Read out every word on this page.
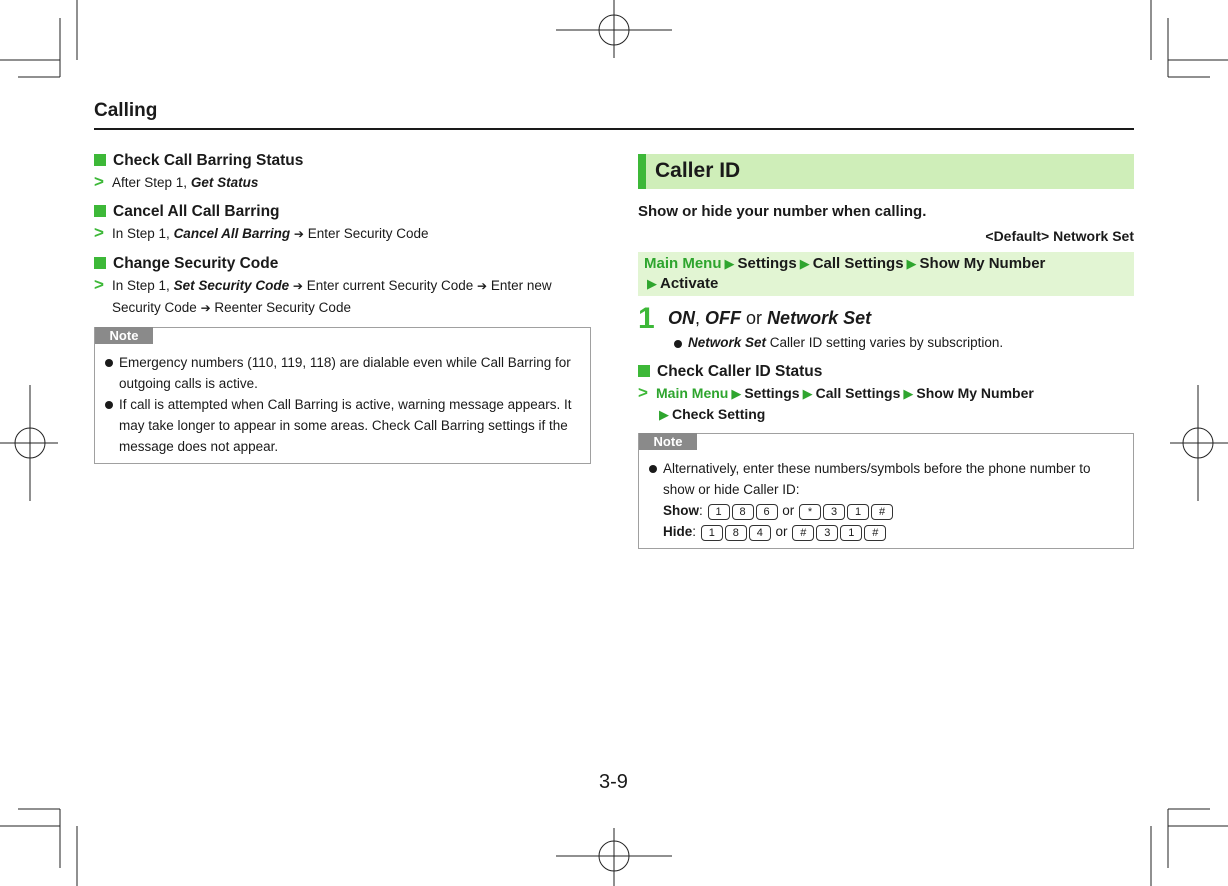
Calling
Check Call Barring Status
> After Step 1, Get Status
Cancel All Call Barring
> In Step 1, Cancel All Barring ➔ Enter Security Code
Change Security Code
> In Step 1, Set Security Code ➔ Enter current Security Code ➔ Enter new Security Code ➔ Reenter Security Code
Note
Emergency numbers (110, 119, 118) are dialable even while Call Barring for outgoing calls is active.
If call is attempted when Call Barring is active, warning message appears. It may take longer to appear in some areas. Check Call Barring settings if the message does not appear.
Caller ID
Show or hide your number when calling.
<Default> Network Set
Main Menu ▶ Settings ▶ Call Settings ▶ Show My Number
▶ Activate
1 ON, OFF or Network Set
Network Set Caller ID setting varies by subscription.
Check Caller ID Status
> Main Menu ▶ Settings ▶ Call Settings ▶ Show My Number
▶ Check Setting
Note
Alternatively, enter these numbers/symbols before the phone number to show or hide Caller ID:
Show: 1 8 6 or * 3 1 #
Hide: 1 8 4 or # 3 1 #
3-9
